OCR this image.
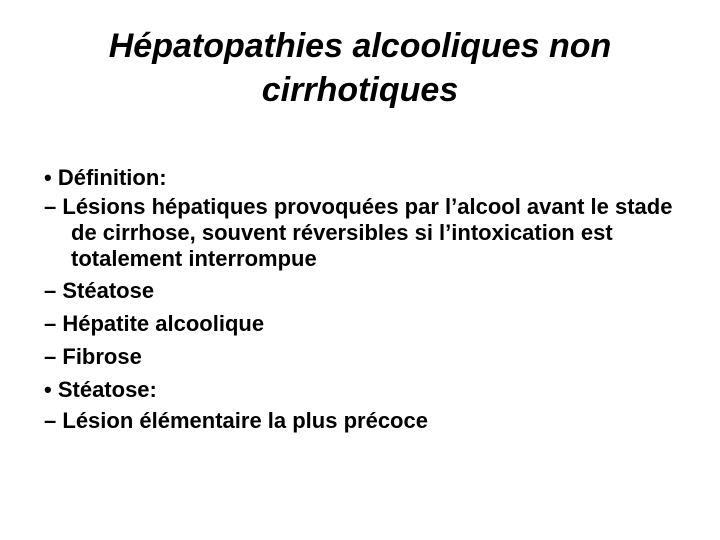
Hépatopathies alcooliques non
cirrhotiques
• Définition:
– Lésions hépatiques provoquées par l’alcool avant le stade de cirrhose, souvent réversibles si l’intoxication est totalement interrompue
– Stéatose
– Hépatite alcoolique
– Fibrose
• Stéatose:
– Lésion élémentaire la plus précoce
